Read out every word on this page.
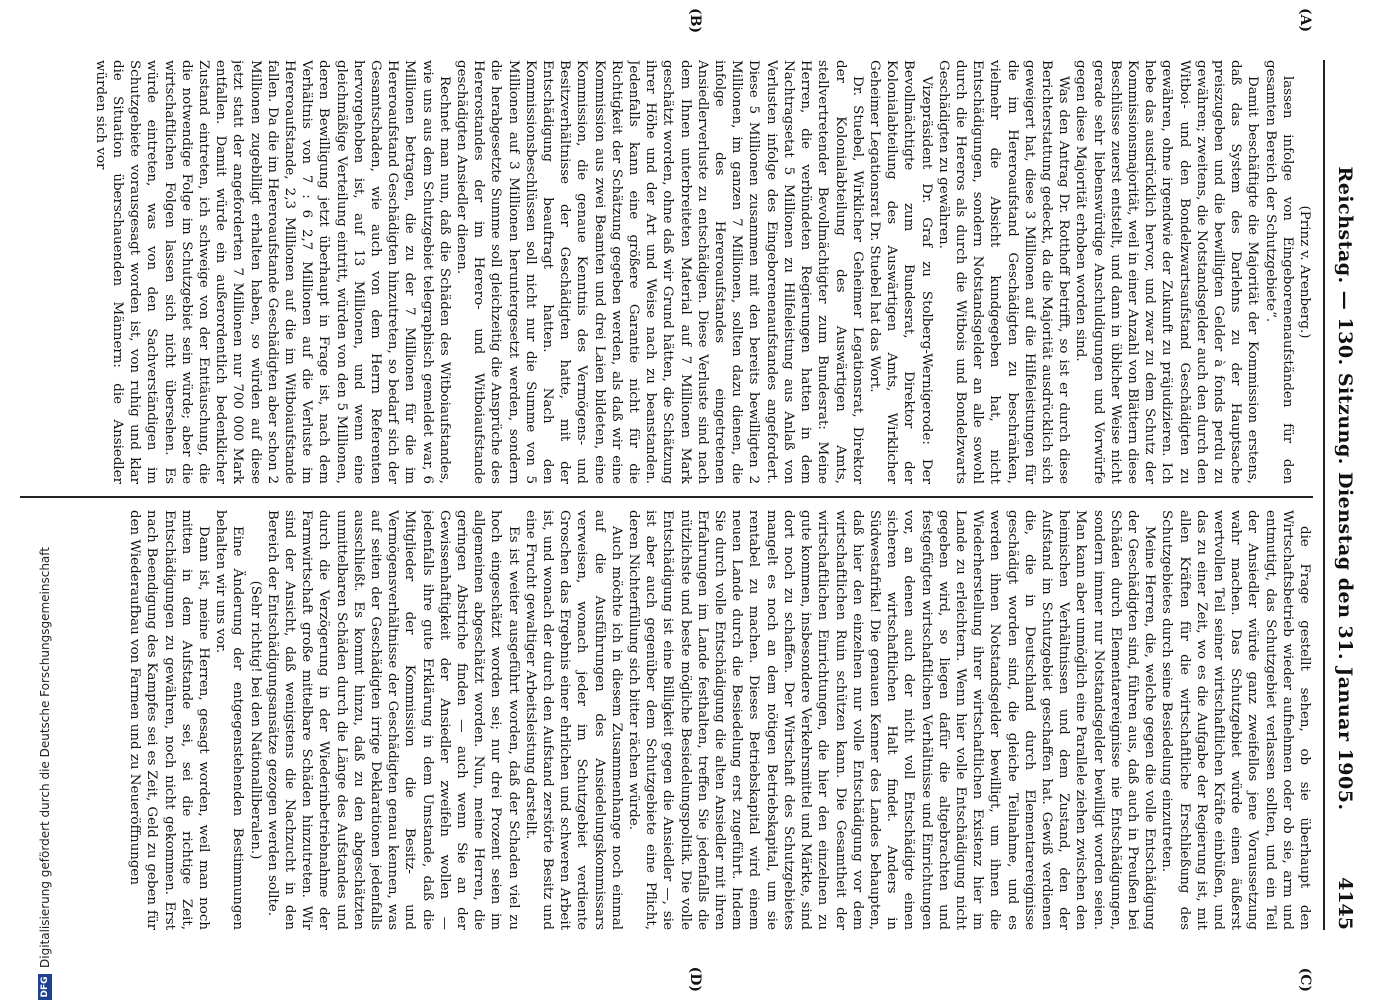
Reichstag. — 130. Sitzung. Dienstag den 31. Januar 1905.
4145
(A)
(B)
(C)
(D)

(Prinz v. Arenberg.)

lassen infolge von Eingeborenenaufständen für den gesamten Bereich der Schutzgebiete“.

Damit beschäftigte die Majorität der Kommission erstens, daß das System des Darlehns zu der Hauptsache preiszugeben und die bewilligten Gelder à fonds perdu zu gewähren; zweitens, die Notstandsgelder auch den durch den Witboi- und den Bondelzwartsaufstand Geschädigten zu gewähren, ohne irgendwie der Zukunft zu präjudizieren. Ich hebe das ausdrücklich hervor, und zwar zu dem Schutz der Kommissionsmajorität, weil in einer Anzahl von Blättern diese Beschlüsse zuerst entstellt, und dann in üblicher Weise nicht gerade sehr liebenswürdige Anschuldigungen und Vorwürfe gegen diese Majorität erhoben worden sind.

Was den Antrag Dr. Rotthoff betrifft, so ist er durch diese Berichterstattung gedeckt, da die Majorität ausdrücklich sich geweigert hat, diese 3 Millionen auf die Hilfeleistungen für die im Hereroaufstand Geschädigten zu beschränken, vielmehr die Absicht kundgegeben hat, nicht Entschädigungen, sondern Notstandsgelder an alle sowohl durch die Hereros als durch die Witbois und Bondelzwarts Geschädigten zu gewähren.

Vizepräsident Dr. Graf zu Stolberg-Wernigerode: Der Bevollmächtigte zum Bundesrat, Direktor der Kolonialabteilung des Auswärtigen Amts, Wirklicher Geheimer Legationsrat Dr. Stuebel hat das Wort.

Dr. Stuebel, Wirklicher Geheimer Legationsrat, Direktor der Kolonialabteilung des Auswärtigen Amts, stellvertretender Bevollmächtigter zum Bundesrat: Meine Herren, die verbündeten Regierungen hatten in dem Nachtragsetat 5 Millionen zu Hilfeleistung aus Anlaß von Verlusten infolge des Eingeborenenaufstandes angefordert. Diese 5 Millionen zusammen mit den bereits bewilligten 2 Millionen, im ganzen 7 Millionen, sollten dazu dienen, die infolge des Hereroaufstandes eingetretenen Ansiedlerverluste zu entschädigen. Diese Verluste sind nach dem Ihnen unterbreiteten Material auf 7 Millionen Mark geschätzt worden, ohne daß wir Grund hätten, die Schätzung ihrer Höhe und der Art und Weise nach zu beanstanden. Jedenfalls kann eine größere Garantie nicht für die Richtigkeit der Schätzung gegeben werden, als daß wir eine Kommission aus zwei Beamten und drei Laien bildeten, eine Kommission, die genaue Kenntnis des Vermögens- und Besitzverhältnisse der Geschädigten hatte, mit der Entschädigung beauftragt hatten. Nach den Kommissionsbeschlüssen soll nicht nur die Summe von 5 Millionen auf 3 Millionen heruntergesetzt werden, sondern die herabgesetzte Summe soll gleichzeitig die Ansprüche des Hererostandes der im Herero- und Witboiaufstande geschädigten Ansiedler dienen.

Rechnet man nun, daß die Schäden des Witboiaufstandes, wie uns aus dem Schutzgebiet telegraphisch gemeldet war, 6 Millionen betragen, die zu der 7 Millionen für die im Hereroaufstand Geschädigten hinzutreten, so bedarf sich der Gesamtschaden, wie auch von dem Herrn Referenten hervorgehoben ist, auf 13 Millionen, und wenn eine gleichmäßige Verteilung eintritt, würden von den 5 Millionen, deren Bewilligung jetzt überhaupt in Frage ist, nach dem Verhältnis von 7 : 6 2,7 Millionen auf die Verluste im Hereroaufstande, 2,3 Millionen auf die im Witboiaufstande fallen. Da die im Hereroaufstande Geschädigten aber schon 2 Millionen zugebilligt erhalten haben, so würden auf diese jetzt statt der angeforderten 7 Millionen nur 700 000 Mark entfallen. Damit würde ein außerordentlich bedenklicher Zustand eintreten, ich schweige von der Enttäuschung, die die notwendige Folge im Schutzgebiet sein würde; aber die wirtschaftlichen Folgen lassen sich nicht übersehen. Es würde eintreten, was von den Sachverständigen im Schutzgebiete vorausgesagt worden ist, von ruhig und klar die Situation überschauenden Männern: die Ansiedler würden sich vor

die Frage gestellt sehen, ob sie überhaupt den Wirtschaftsbetrieb wieder aufnehmen oder ob sie, arm und entmutigt, das Schutzgebiet verlassen sollten, und ein Teil der Ansiedler würde ganz zweifellos jene Voraussetzung wahr machen. Das Schutzgebiet würde einen äußerst wertvollen Teil seiner wirtschaftlichen Kräfte einbüßen, und das zu einer Zeit, wo es die Aufgabe der Regierung ist, mit allen Kräften für die wirtschaftliche Erschließung des Schutzgebietes durch seine Besiedelung einzutreten.

Meine Herren, die, welche gegen die volle Entschädigung der Geschädigten sind, führen aus, daß auch in Preußen bei Schäden durch Elementarereignisse nie Entschädigungen, sondern immer nur Notstandsgelder bewilligt worden seien. Man kann aber unmöglich eine Parallele ziehen zwischen den heimischen Verhältnissen und dem Zustand, den der Aufstand im Schutzgebiet geschaffen hat. Gewiß verdienen die, die in Deutschland durch Elementarereignisse geschädigt worden sind, die gleiche Teilnahme, und es werden ihnen Notstandsgelder bewilligt, um ihnen die Wiederherstellung ihrer wirtschaftlichen Existenz hier im Lande zu erleichtern. Wenn hier volle Entschädigung nicht gegeben wird, so liegen dafür die altgebrachten und festgefügten wirtschaftlichen Verhältnisse und Einrichtungen vor, an denen auch der nicht voll Entschädigte einen sicheren wirtschaftlichen Halt findet. Anders in Südwestafrika! Die genauen Kenner des Landes behaupten, daß hier den einzelnen nur volle Entschädigung vor dem wirtschaftlichen Ruin schützen kann. Die Gesamtheit der wirtschaftlichen Einrichtungen, die hier den einzelnen zu gute kommen, insbesondere Verkehrsmittel und Märkte, sind dort noch zu schaffen. Der Wirtschaft des Schutzgebietes mangelt es noch an dem nötigen Betriebskapital, um sie rentabel zu machen. Dieses Betriebskapital wird einem neuen Lande durch die Besiedelung erst zugeführt. Indem Sie durch volle Entschädigung die alten Ansiedler mit ihren Erfahrungen im Lande festhalten, treffen Sie jedenfalls die nützlichste und beste mögliche Besiedelungspolitik. Die volle Entschädigung ist eine Billigkeit gegen die Ansiedler —, sie ist aber auch gegenüber dem Schutzgebiete eine Pflicht, deren Nichterfüllung sich bitter rächen würde.

Auch möchte ich in diesem Zusammenhange noch einmal auf die Ausführungen des Ansiedelungskommissars verweisen, wonach jeder im Schutzgebiet verdiente Groschen das Ergebnis einer ehrlichen und schweren Arbeit ist, und wonach der durch den Aufstand zerstörte Besitz und eine Frucht gewaltiger Arbeitsleistung darstellt.

Es ist weiter ausgeführt worden, daß der Schaden viel zu hoch eingeschätzt worden sei; nur drei Prozent seien im allgemeinen abgeschätzt worden. Nun, meine Herren, die geringen Abstriche finden — auch wenn Sie an der Gewissenhaftigkeit der Ansiedler zweifeln wollen — jedenfalls ihre gute Erklärung in dem Umstande, daß die Mitglieder der Kommission die Besitz- und Vermögensverhältnisse der Geschädigten genau kennen, was auf seiten der Geschädigten irrige Deklarationen jedenfalls ausschließt. Es kommt hinzu, daß zu den abgeschätzten unmittelbaren Schäden durch die Länge des Aufstandes und durch die Verzögerung in der Wiederinbetriebnahme der Farmwirtschaft große mittelbare Schäden hinzutreten. Wir sind der Ansicht, daß wenigstens die Nachzucht in den Bereich der Entschädigungsansätze gezogen werden sollte.

(Sehr richtig! bei den Nationalliberalen.)

Eine Änderung der entgegenstehenden Bestimmungen behalten wir uns vor.

Dann ist, meine Herren, gesagt worden, weil man noch mitten in dem Aufstande sei, sei die richtige Zeit, Entschädigungen zu gewähren, noch nicht gekommen. Erst nach Beendigung des Kampfes sei es Zeit, Geld zu geben für den Wiederaufbau von Farmen und zu Neueröffnungen

DFG
Digitalisierung gefördert durch die Deutsche Forschungsgemeinschaft
